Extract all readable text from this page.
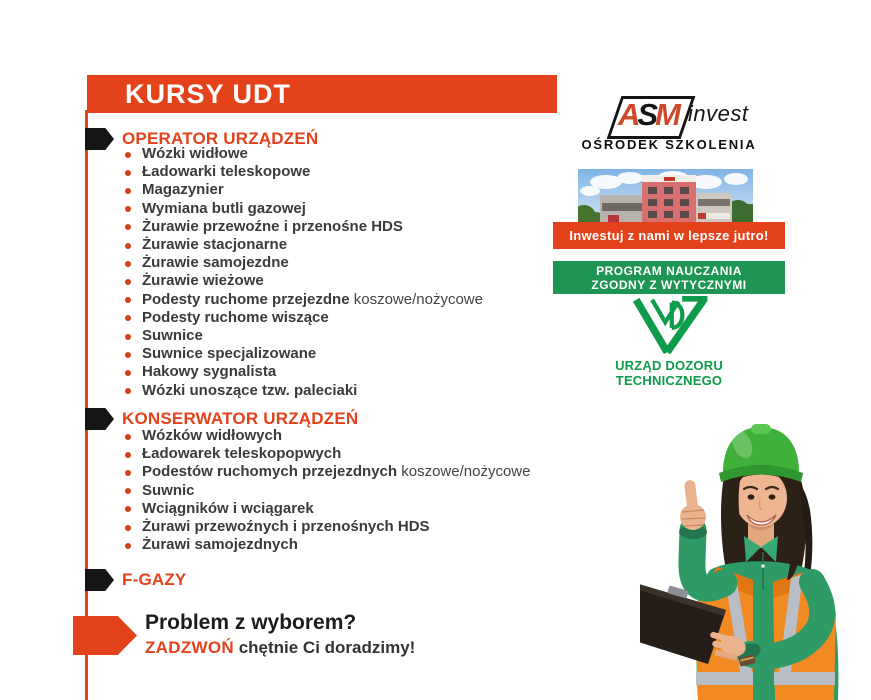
KURSY UDT
OPERATOR URZĄDZEŃ
Wózki widłowe
Ładowarki teleskopowe
Magazynier
Wymiana butli gazowej
Żurawie przewoźne i przenośne HDS
Żurawie stacjonarne
Żurawie samojezdne
Żurawie wieżowe
Podesty ruchome przejezdne koszowe/nożycowe
Podesty ruchome wiszące
Suwnice
Suwnice specjalizowane
Hakowy sygnalista
Wózki unoszące tzw. paleciaki
KONSERWATOR URZĄDZEŃ
Wózków widłowych
Ładowarek teleskopopwych
Podestów ruchomych przejezdnych koszowe/nożycowe
Suwnic
Wciągników i wciągarek
Żurawi przewoźnych i przenośnych HDS
Żurawi samojezdnych
F-GAZY
Problem z wyborem?
ZADZWOŃ chętnie Ci doradzimy!
ASM invest
OŚRODEK SZKOLENIA
Inwestuj z nami w lepsze jutro!
PROGRAM NAUCZANIA
ZGODNY Z WYTYCZNYMI
URZĄD DOZORU
TECHNICZNEGO
